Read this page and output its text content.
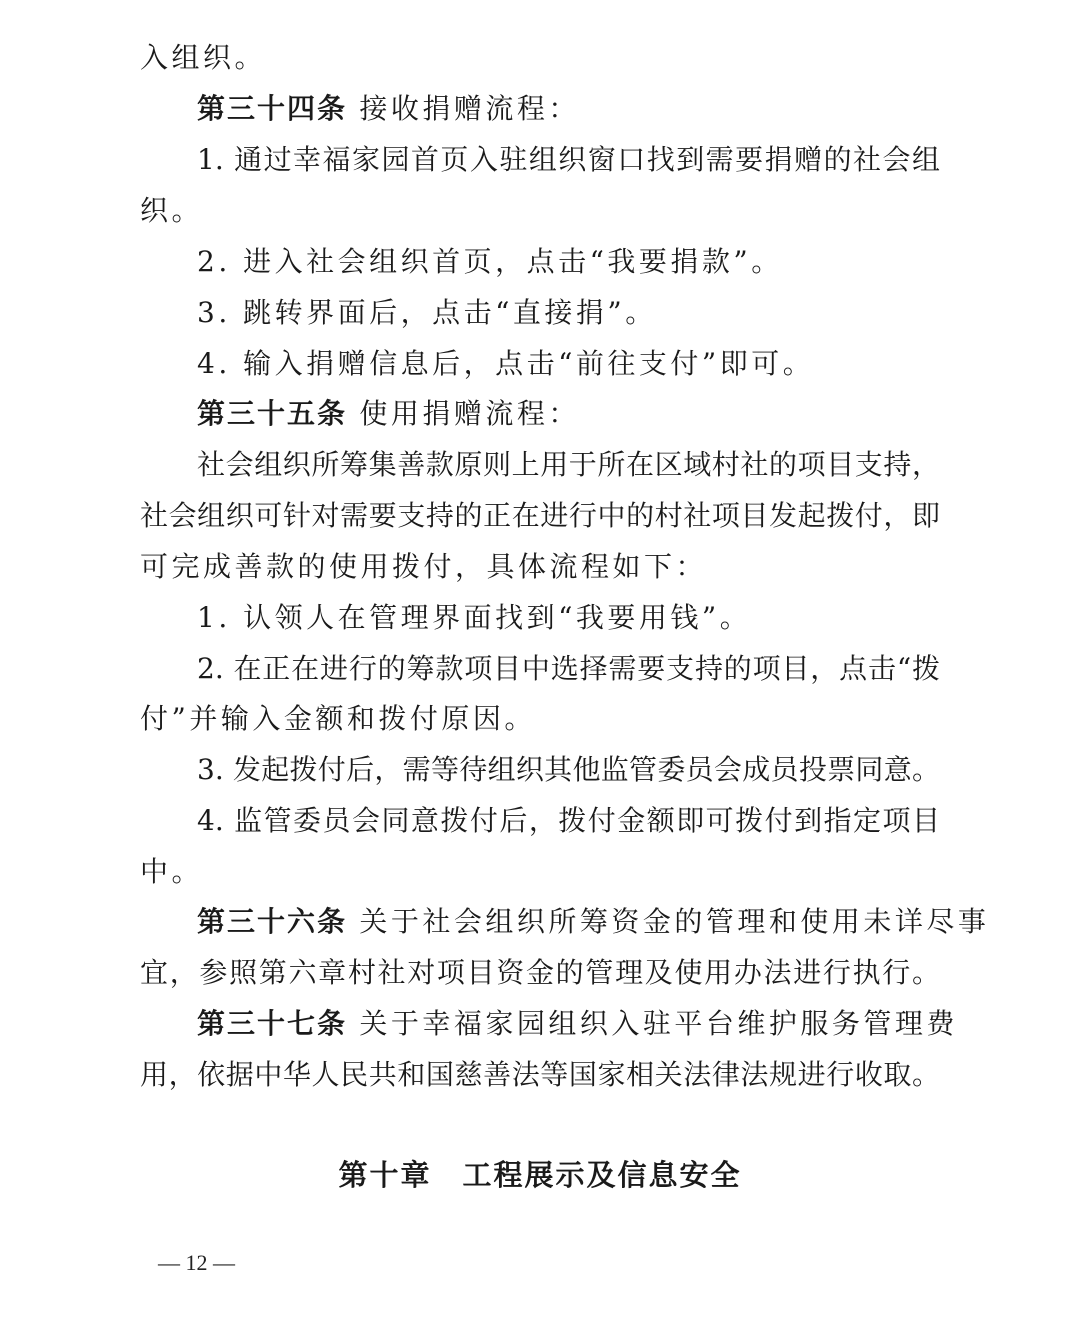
入组织。
第三十四条 接收捐赠流程：
1. 通过幸福家园首页入驻组织窗口找到需要捐赠的社会组
织。
2. 进入社会组织首页，点击“我要捐款”。
3. 跳转界面后，点击“直接捐”。
4. 输入捐赠信息后，点击“前往支付”即可。
第三十五条 使用捐赠流程：
社会组织所筹集善款原则上用于所在区域村社的项目支持，
社会组织可针对需要支持的正在进行中的村社项目发起拨付，即
可完成善款的使用拨付，具体流程如下：
1. 认领人在管理界面找到“我要用钱”。
2. 在正在进行的筹款项目中选择需要支持的项目，点击“拨
付”并输入金额和拨付原因。
3. 发起拨付后，需等待组织其他监管委员会成员投票同意。
4. 监管委员会同意拨付后，拨付金额即可拨付到指定项目
中。
第三十六条 关于社会组织所筹资金的管理和使用未详尽事
宜，参照第六章村社对项目资金的管理及使用办法进行执行。
第三十七条 关于幸福家园组织入驻平台维护服务管理费
用，依据中华人民共和国慈善法等国家相关法律法规进行收取。
第十章　工程展示及信息安全
— 12 —
